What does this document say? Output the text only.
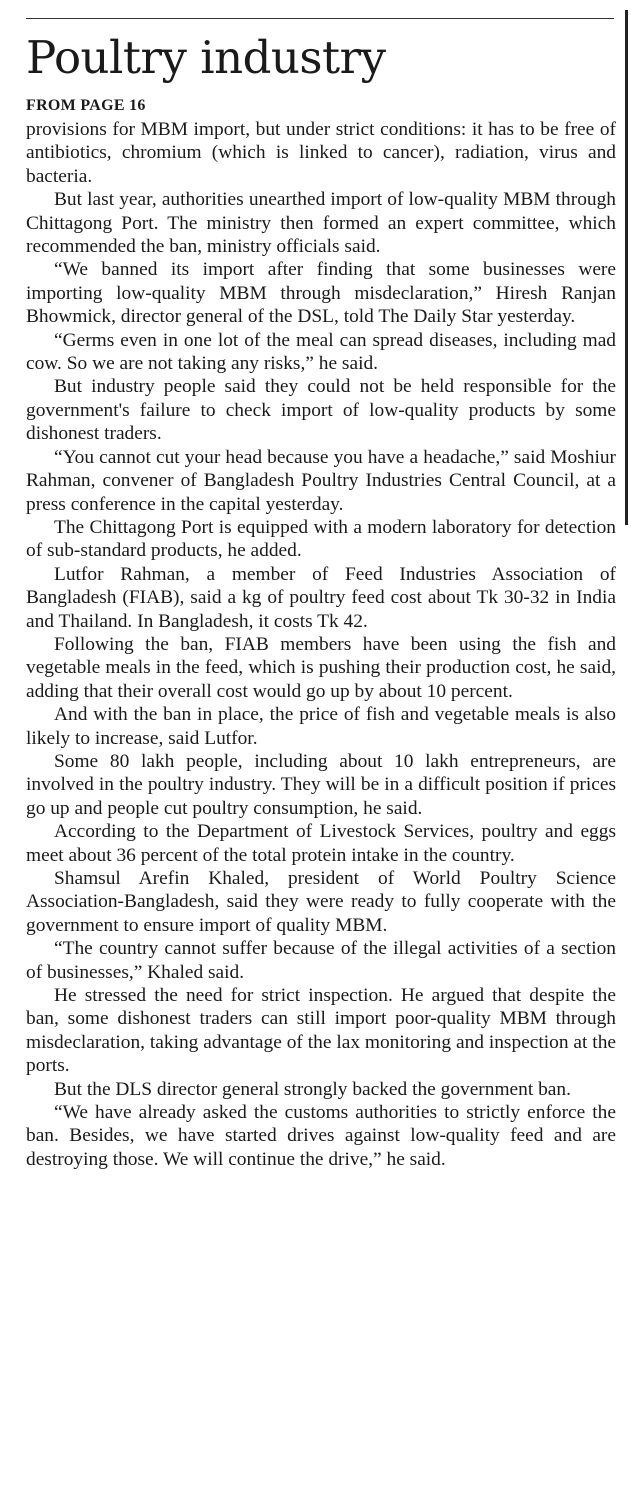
Poultry industry
FROM PAGE 16

provisions for MBM import, but under strict conditions: it has to be free of antibiotics, chromium (which is linked to cancer), radiation, virus and bacteria.

But last year, authorities unearthed import of low-quality MBM through Chittagong Port. The ministry then formed an expert committee, which recommended the ban, ministry officials said.

“We banned its import after finding that some businesses were importing low-quality MBM through misdeclaration,” Hiresh Ranjan Bhowmick, director general of the DSL, told The Daily Star yesterday.

“Germs even in one lot of the meal can spread diseases, including mad cow. So we are not taking any risks,” he said.

But industry people said they could not be held responsible for the government's failure to check import of low-quality products by some dishonest traders.

“You cannot cut your head because you have a headache,” said Moshiur Rahman, convener of Bangladesh Poultry Industries Central Council, at a press conference in the capital yesterday.

The Chittagong Port is equipped with a modern laboratory for detection of sub-standard products, he added.

Lutfor Rahman, a member of Feed Industries Association of Bangladesh (FIAB), said a kg of poultry feed cost about Tk 30-32 in India and Thailand. In Bangladesh, it costs Tk 42.

Following the ban, FIAB members have been using the fish and vegetable meals in the feed, which is pushing their production cost, he said, adding that their overall cost would go up by about 10 percent.

And with the ban in place, the price of fish and vegetable meals is also likely to increase, said Lutfor.

Some 80 lakh people, including about 10 lakh entrepreneurs, are involved in the poultry industry. They will be in a difficult position if prices go up and people cut poultry consumption, he said.

According to the Department of Livestock Services, poultry and eggs meet about 36 percent of the total protein intake in the country.

Shamsul Arefin Khaled, president of World Poultry Science Association-Bangladesh, said they were ready to fully cooperate with the government to ensure import of quality MBM.

“The country cannot suffer because of the illegal activities of a section of businesses,” Khaled said.

He stressed the need for strict inspection. He argued that despite the ban, some dishonest traders can still import poor-quality MBM through misdeclaration, taking advantage of the lax monitoring and inspection at the ports.

But the DLS director general strongly backed the government ban.

“We have already asked the customs authorities to strictly enforce the ban. Besides, we have started drives against low-quality feed and are destroying those. We will continue the drive,” he said.
